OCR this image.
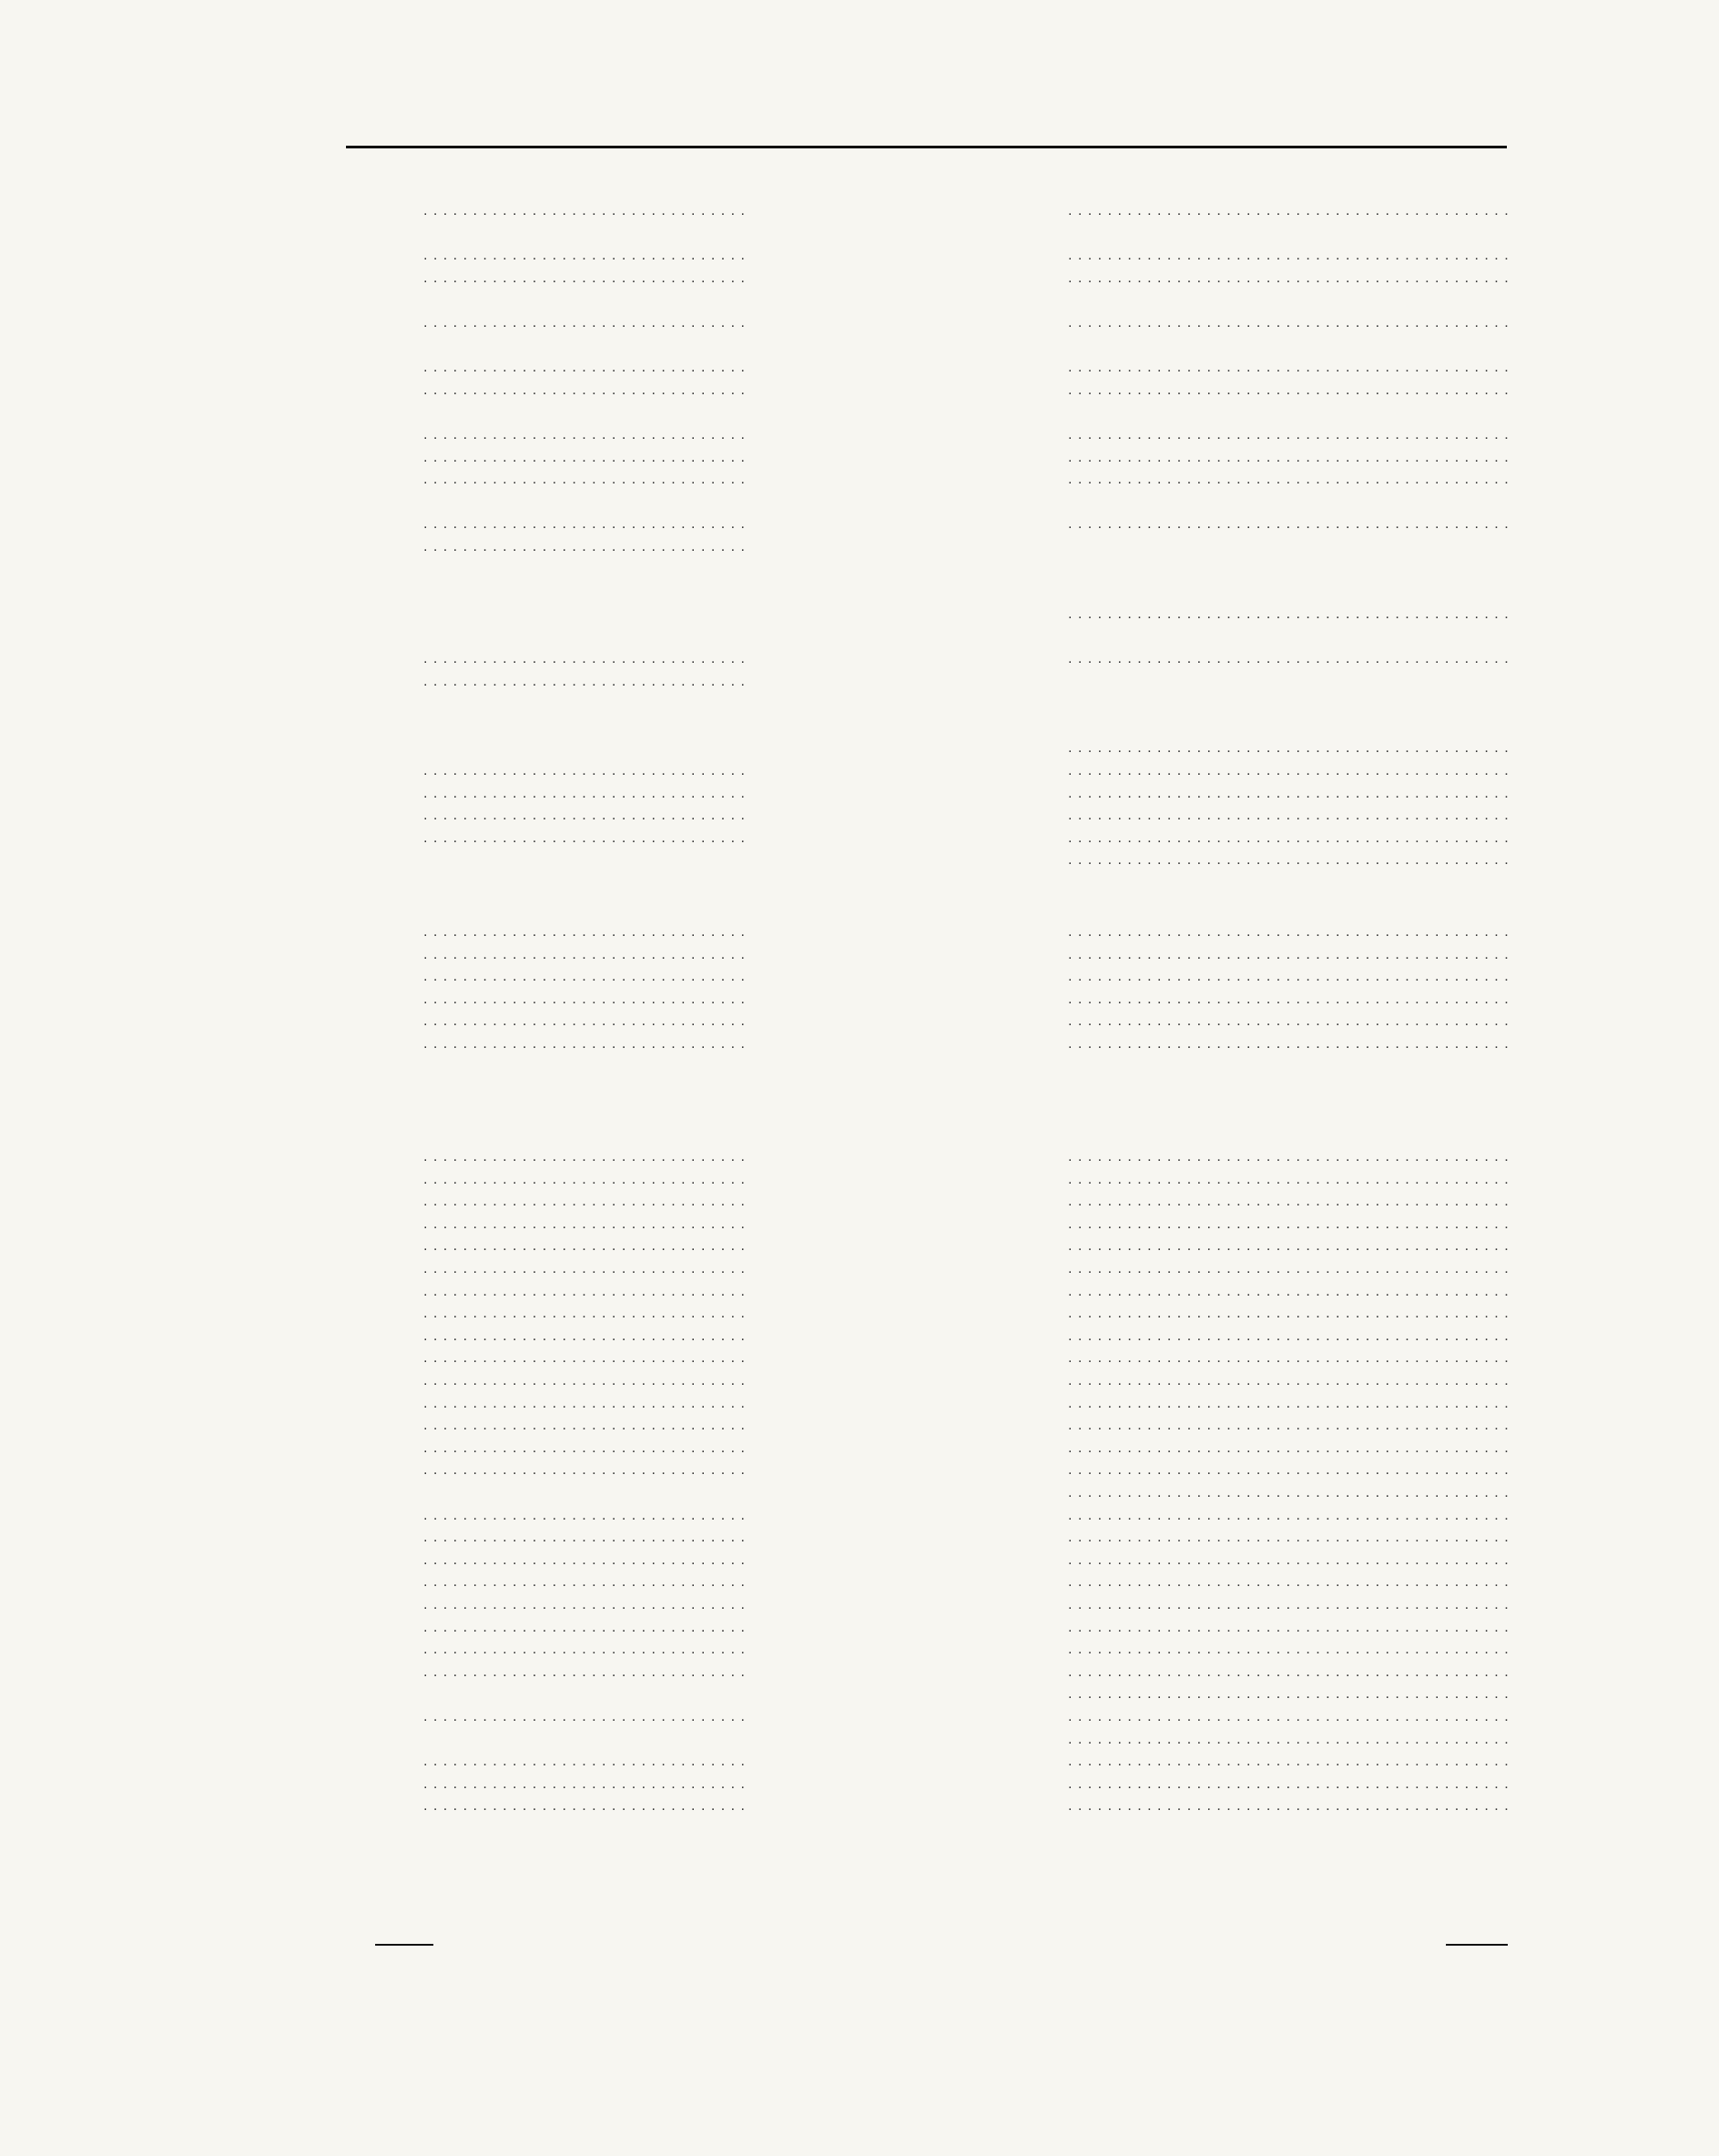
. . .
. . .
. . .
. . .
. . .
. . .
. . .
. . .
. . .
. . .
. . .
. . .
. . .
. . .
. . .
. . .
. . .
. . .
. . .
. . .
. . .
. . .
. . .
. . .
. . .
. . .
. . .
. . .
. . .
. . .
. . .
. . .
. . .
. . .
. . .
. . .
. . .
. . .
. . .
. . .
. . .
. . .
. . .
. . .
. . .
. . .
. . .
. . .
. . .
. . .
. . .
. . .
. . .
. . .
. . .
. . .
. . .
. . .
. . .
. . .
. . .
. . .
. . .
. . .
. . .
. . .
. . .
. . .
. . .
. . .
. . .
. . .
. . .
. . .
. . .
. . .
. . .
. . .
. . .
. . .
. . .
. . .
. . .
. . .
. . .
. . .
. . .
. . .
. . .
. . .
. . .
. . .
. . .
. . .
. . .
. . .
. . .
. . .
. . .
. . .
. . .
. . .
. . .
. . .
